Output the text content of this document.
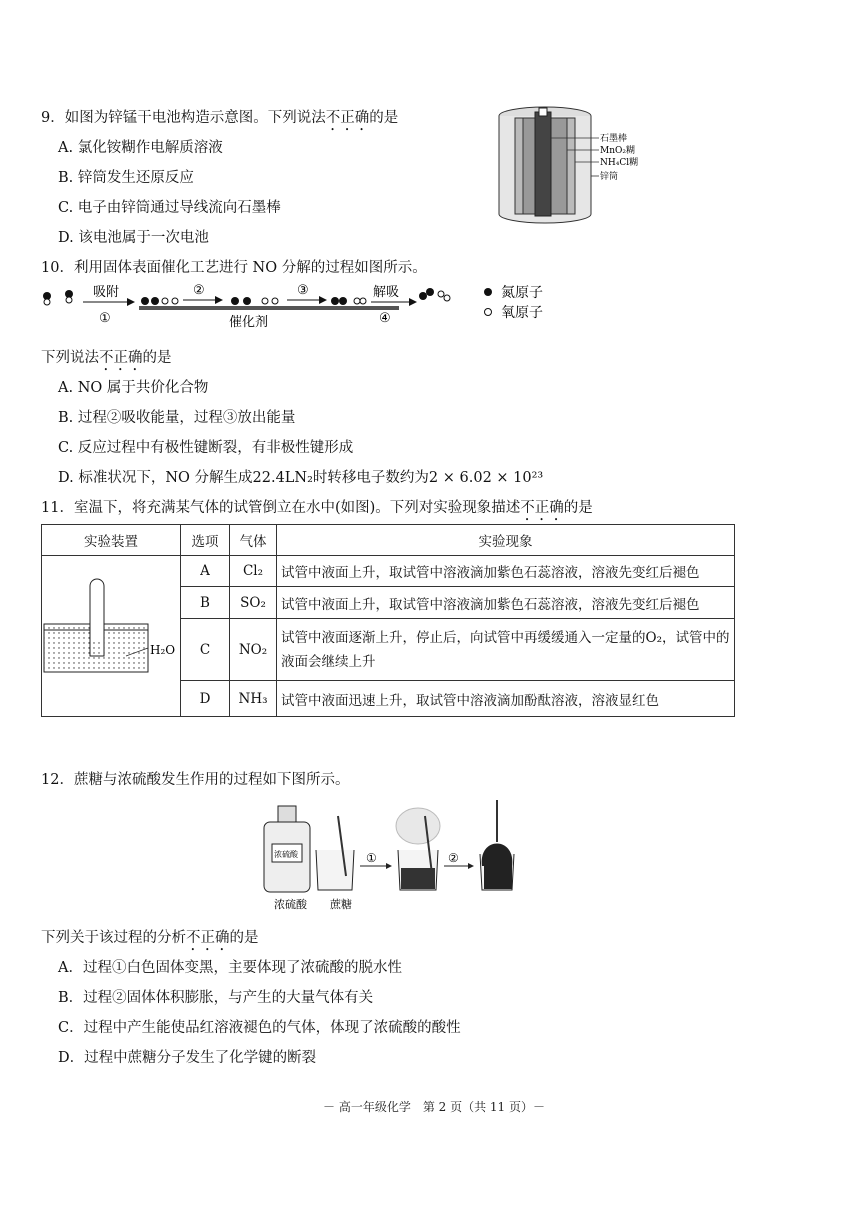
9．如图为锌锰干电池构造示意图。下列说法不正确的是
A. 氯化铵糊作电解质溶液
B. 锌筒发生还原反应
C. 电子由锌筒通过导线流向石墨棒
D. 该电池属于一次电池
石墨棒
MnO₂糊
NH₄Cl糊
锌筒
10．利用固体表面催化工艺进行 NO 分解的过程如图所示。
吸附
①	催化剂
②	③	解吸
④
氮原子
氧原子
下列说法不正确的是
A. NO 属于共价化合物
B. 过程②吸收能量，过程③放出能量
C. 反应过程中有极性键断裂，有非极性键形成
D. 标准状况下，NO 分解生成22.4LN₂时转移电子数约为2 × 6.02 × 10²³
11．室温下，将充满某气体的试管倒立在水中(如图)。下列对实验现象描述不正确的是
实验装置	选项	气体	实验现象

H₂O	A	Cl₂	试管中液面上升，取试管中溶液滴加紫色石蕊溶液，溶液先变红后褪色
	B	SO₂	试管中液面上升，取试管中溶液滴加紫色石蕊溶液，溶液先变红后褪色
	C	NO₂	试管中液面逐渐上升，停止后，向试管中再缓缓通入一定量的O₂，试管中的液面会继续上升
	D	NH₃	试管中液面迅速上升，取试管中溶液滴加酚酞溶液，溶液显红色
12．蔗糖与浓硫酸发生作用的过程如下图所示。
浓硫酸
浓硫酸 蔗糖
①	②
下列关于该过程的分析不正确的是
A．过程①白色固体变黑，主要体现了浓硫酸的脱水性
B．过程②固体体积膨胀，与产生的大量气体有关
C．过程中产生能使品红溶液褪色的气体，体现了浓硫酸的酸性
D．过程中蔗糖分子发生了化学键的断裂
－ 高一年级化学　第 2 页（共 11 页）－
